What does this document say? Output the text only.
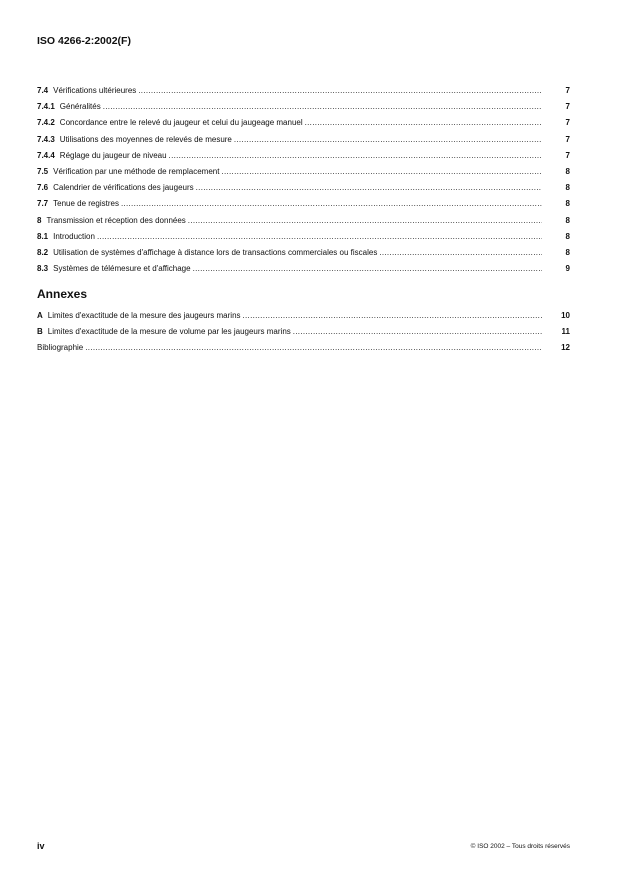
ISO 4266-2:2002(F)
7.4 Vérifications ultérieures .....	7
7.4.1 Généralités .....	7
7.4.2 Concordance entre le relevé du jaugeur et celui du jaugeage manuel .....	7
7.4.3 Utilisations des moyennes de relevés de mesure .....	7
7.4.4 Réglage du jaugeur de niveau .....	7
7.5 Vérification par une méthode de remplacement .....	8
7.6 Calendrier de vérifications des jaugeurs .....	8
7.7 Tenue de registres .....	8
8 Transmission et réception des données .....	8
8.1 Introduction .....	8
8.2 Utilisation de systèmes d'affichage à distance lors de transactions commerciales ou fiscales .....	8
8.3 Systèmes de télémesure et d'affichage .....	9
Annexes
A Limites d'exactitude de la mesure des jaugeurs marins .....	10
B Limites d'exactitude de la mesure de volume par les jaugeurs marins .....	11
Bibliographie .....	12
iv	© ISO 2002 – Tous droits réservés
